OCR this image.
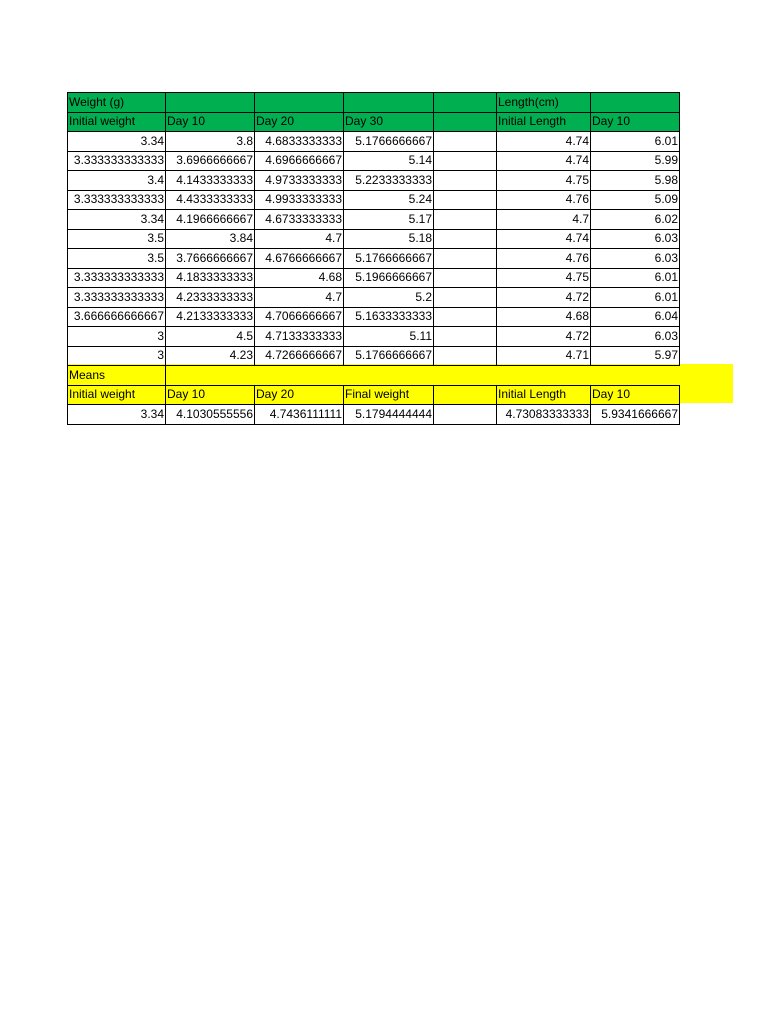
Weight (g)					Length(cm)	
Initial weight	Day 10	Day 20	Day 30		Initial Length	Day 10
3.34	3.8	4.6833333333	5.1766666667		4.74	6.01
3.333333333333	3.6966666667	4.6966666667	5.14		4.74	5.99
3.4	4.1433333333	4.9733333333	5.2233333333		4.75	5.98
3.333333333333	4.4333333333	4.9933333333	5.24		4.76	5.09
3.34	4.1966666667	4.6733333333	5.17		4.7	6.02
3.5	3.84	4.7	5.18		4.74	6.03
3.5	3.7666666667	4.6766666667	5.1766666667		4.76	6.03
3.333333333333	4.1833333333	4.68	5.1966666667		4.75	6.01
3.333333333333	4.2333333333	4.7	5.2		4.72	6.01
3.666666666667	4.2133333333	4.7066666667	5.1633333333		4.68	6.04
3	4.5	4.7133333333	5.11		4.72	6.03
3	4.23	4.7266666667	5.1766666667		4.71	5.97
Means						
Initial weight	Day 10	Day 20	Final weight		Initial Length	Day 10
3.34	4.1030555556	4.7436111111	5.1794444444		4.73083333333	5.9341666667
